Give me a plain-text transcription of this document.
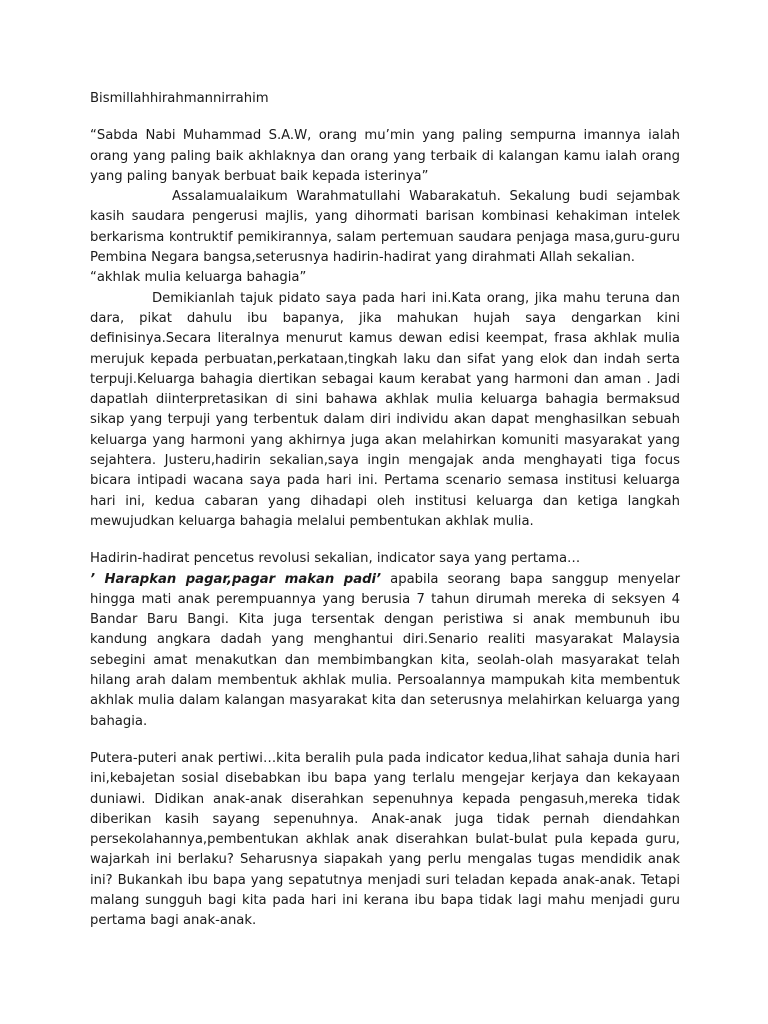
Bismillahhirahmannirrahim

“Sabda Nabi Muhammad S.A.W, orang mu’min yang paling sempurna imannya ialah orang yang paling baik akhlaknya dan orang yang terbaik di kalangan kamu ialah orang yang paling banyak berbuat baik kepada isterinya”

Assalamualaikum Warahmatullahi Wabarakatuh. Sekalung budi sejambak kasih saudara pengerusi majlis, yang dihormati barisan kombinasi kehakiman intelek berkarisma kontruktif pemikirannya, salam pertemuan saudara penjaga masa,guru-guru Pembina Negara bangsa,seterusnya hadirin-hadirat yang dirahmati Allah sekalian.

“akhlak mulia keluarga bahagia”

Demikianlah tajuk pidato saya pada hari ini.Kata orang, jika mahu teruna dan dara, pikat dahulu ibu bapanya, jika mahukan hujah saya dengarkan kini definisinya.Secara literalnya menurut kamus dewan edisi keempat, frasa akhlak mulia merujuk kepada perbuatan,perkataan,tingkah laku dan sifat yang elok dan indah serta terpuji.Keluarga bahagia diertikan sebagai kaum kerabat yang harmoni dan aman . Jadi dapatlah diinterpretasikan di sini bahawa akhlak mulia keluarga bahagia bermaksud sikap yang terpuji yang terbentuk dalam diri individu akan dapat menghasilkan sebuah keluarga yang harmoni yang akhirnya juga akan melahirkan komuniti masyarakat yang sejahtera. Justeru,hadirin sekalian,saya ingin mengajak anda menghayati tiga focus bicara intipadi wacana saya pada hari ini. Pertama scenario semasa institusi keluarga hari ini, kedua cabaran yang dihadapi oleh institusi keluarga dan ketiga langkah mewujudkan keluarga bahagia melalui pembentukan akhlak mulia.

Hadirin-hadirat pencetus revolusi sekalian, indicator saya yang pertama…

’ Harapkan pagar,pagar makan padi’ apabila seorang bapa sanggup menyelar hingga mati anak perempuannya yang berusia 7 tahun dirumah mereka di seksyen 4 Bandar Baru Bangi. Kita juga tersentak dengan peristiwa si anak membunuh ibu kandung angkara dadah yang menghantui diri.Senario realiti masyarakat Malaysia sebegini amat menakutkan dan membimbangkan kita, seolah-olah masyarakat telah hilang arah dalam membentuk akhlak mulia. Persoalannya mampukah kita membentuk akhlak mulia dalam kalangan masyarakat kita dan seterusnya melahirkan keluarga yang bahagia.

Putera-puteri anak pertiwi…kita beralih pula pada indicator kedua,lihat sahaja dunia hari ini,kebajetan sosial disebabkan ibu bapa yang terlalu mengejar kerjaya dan kekayaan duniawi. Didikan anak-anak diserahkan sepenuhnya kepada pengasuh,mereka tidak diberikan kasih sayang sepenuhnya. Anak-anak juga tidak pernah diendahkan

persekolahannya,pembentukan akhlak anak diserahkan bulat-bulat pula kepada guru, wajarkah ini berlaku? Seharusnya siapakah yang perlu mengalas tugas mendidik anak ini? Bukankah ibu bapa yang sepatutnya menjadi suri teladan kepada anak-anak. Tetapi malang sungguh bagi kita pada hari ini kerana ibu bapa tidak lagi mahu menjadi guru pertama bagi anak-anak.
